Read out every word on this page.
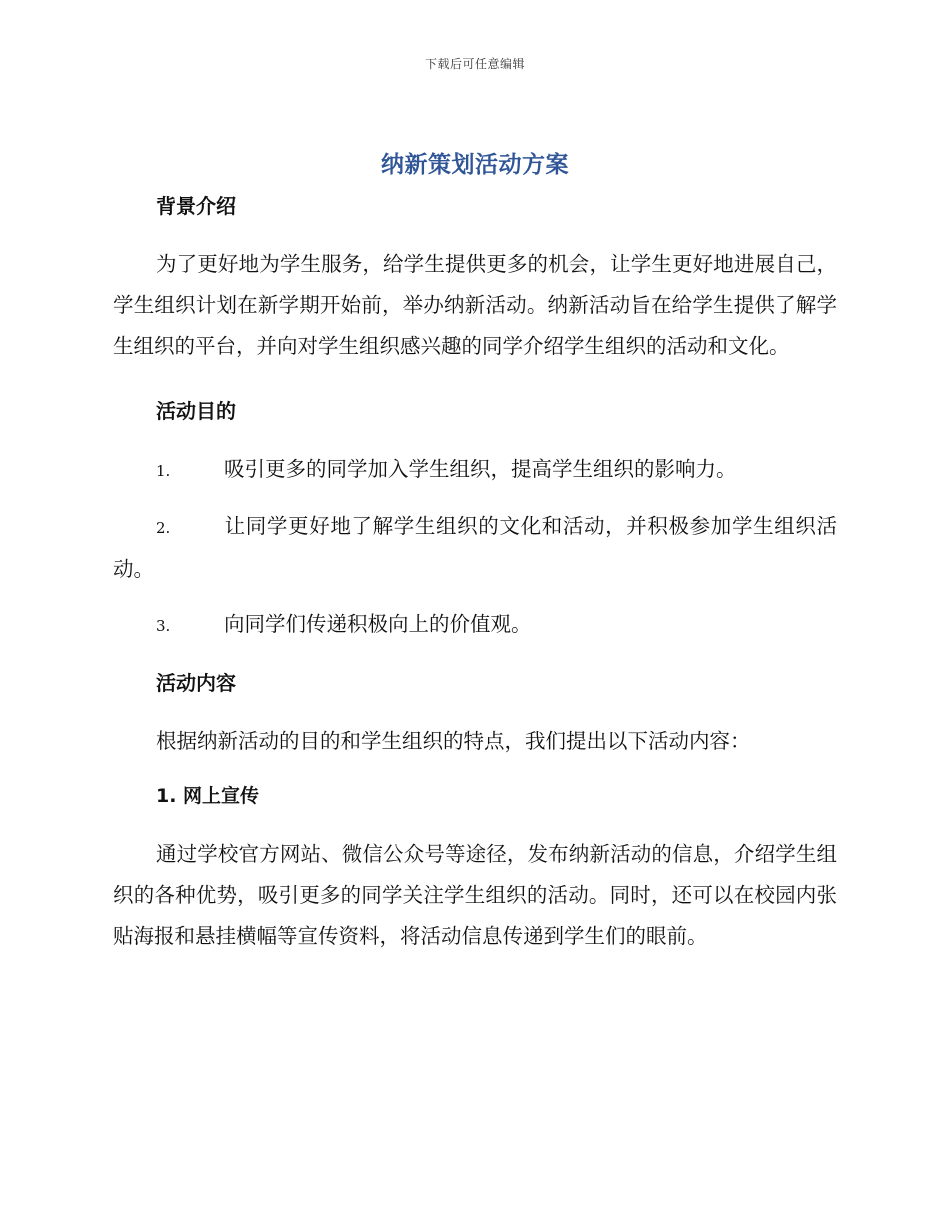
下载后可任意编辑
纳新策划活动方案
背景介绍

为了更好地为学生服务，给学生提供更多的机会，让学生更好地进展自己，学生组织计划在新学期开始前，举办纳新活动。纳新活动旨在给学生提供了解学生组织的平台，并向对学生组织感兴趣的同学介绍学生组织的活动和文化。

活动目的
1.	吸引更多的同学加入学生组织，提高学生组织的影响力。
2.	让同学更好地了解学生组织的文化和活动，并积极参加学生组织活动。
3.	向同学们传递积极向上的价值观。
活动内容

根据纳新活动的目的和学生组织的特点，我们提出以下活动内容：

1. 网上宣传

通过学校官方网站、微信公众号等途径，发布纳新活动的信息，介绍学生组织的各种优势，吸引更多的同学关注学生组织的活动。同时，还可以在校园内张贴海报和悬挂横幅等宣传资料，将活动信息传递到学生们的眼前。
